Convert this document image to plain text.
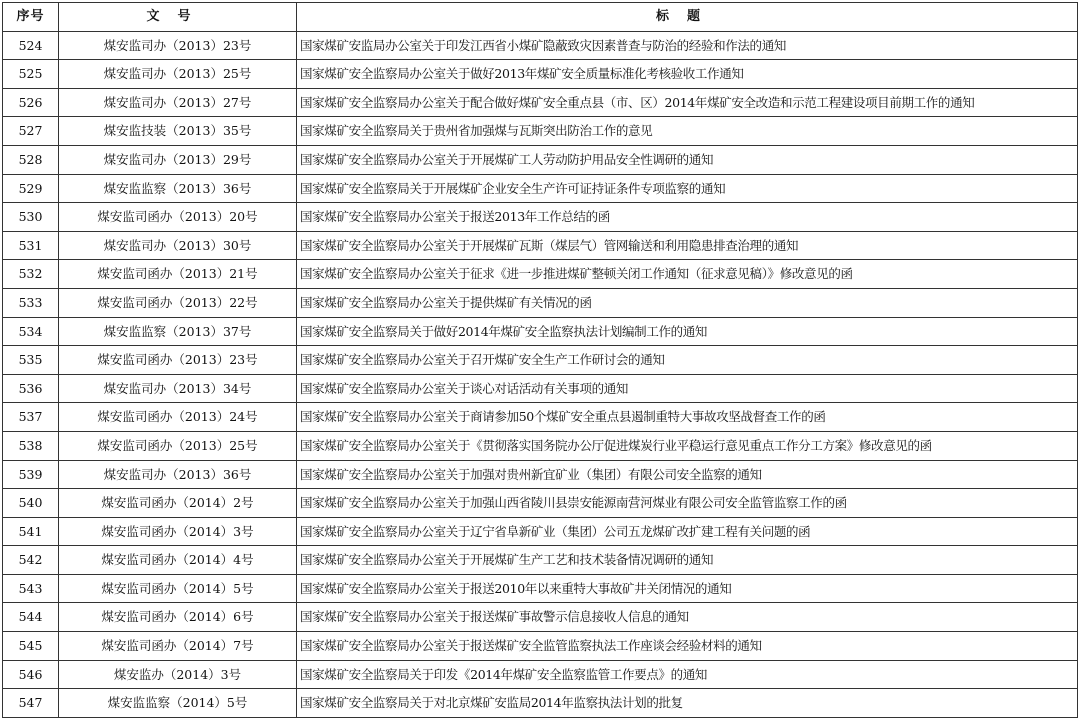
序号	文号	标题
524	煤安监司办（2013）23号	国家煤矿安监局办公室关于印发江西省小煤矿隐蔽致灾因素普查与防治的经验和作法的通知
525	煤安监司办（2013）25号	国家煤矿安全监察局办公室关于做好2013年煤矿安全质量标准化考核验收工作通知
526	煤安监司办（2013）27号	国家煤矿安全监察局办公室关于配合做好煤矿安全重点县（市、区）2014年煤矿安全改造和示范工程建设项目前期工作的通知
527	煤安监技装（2013）35号	国家煤矿安全监察局关于贵州省加强煤与瓦斯突出防治工作的意见
528	煤安监司办（2013）29号	国家煤矿安全监察局办公室关于开展煤矿工人劳动防护用品安全性调研的通知
529	煤安监监察（2013）36号	国家煤矿安全监察局关于开展煤矿企业安全生产许可证持证条件专项监察的通知
530	煤安监司函办（2013）20号	国家煤矿安全监察局办公室关于报送2013年工作总结的函
531	煤安监司办（2013）30号	国家煤矿安全监察局办公室关于开展煤矿瓦斯（煤层气）管网输送和利用隐患排查治理的通知
532	煤安监司函办（2013）21号	国家煤矿安全监察局办公室关于征求《进一步推进煤矿整顿关闭工作通知（征求意见稿）》修改意见的函
533	煤安监司函办（2013）22号	国家煤矿安全监察局办公室关于提供煤矿有关情况的函
534	煤安监监察（2013）37号	国家煤矿安全监察局关于做好2014年煤矿安全监察执法计划编制工作的通知
535	煤安监司函办（2013）23号	国家煤矿安全监察局办公室关于召开煤矿安全生产工作研讨会的通知
536	煤安监司办（2013）34号	国家煤矿安全监察局办公室关于谈心对话活动有关事项的通知
537	煤安监司函办（2013）24号	国家煤矿安全监察局办公室关于商请参加50个煤矿安全重点县遏制重特大事故攻坚战督查工作的函
538	煤安监司函办（2013）25号	国家煤矿安全监察局办公室关于《贯彻落实国务院办公厅促进煤炭行业平稳运行意见重点工作分工方案》修改意见的函
539	煤安监司办（2013）36号	国家煤矿安全监察局办公室关于加强对贵州新宜矿业（集团）有限公司安全监察的通知
540	煤安监司函办（2014）2号	国家煤矿安全监察局办公室关于加强山西省陵川县崇安能源南营河煤业有限公司安全监管监察工作的函
541	煤安监司函办（2014）3号	国家煤矿安全监察局办公室关于辽宁省阜新矿业（集团）公司五龙煤矿改扩建工程有关问题的函
542	煤安监司函办（2014）4号	国家煤矿安全监察局办公室关于开展煤矿生产工艺和技术装备情况调研的通知
543	煤安监司函办（2014）5号	国家煤矿安全监察局办公室关于报送2010年以来重特大事故矿井关闭情况的通知
544	煤安监司函办（2014）6号	国家煤矿安全监察局办公室关于报送煤矿事故警示信息接收人信息的通知
545	煤安监司函办（2014）7号	国家煤矿安全监察局办公室关于报送煤矿安全监管监察执法工作座谈会经验材料的通知
546	煤安监办（2014）3号	国家煤矿安全监察局关于印发《2014年煤矿安全监察监管工作要点》的通知
547	煤安监监察（2014）5号	国家煤矿安全监察局关于对北京煤矿安监局2014年监察执法计划的批复
